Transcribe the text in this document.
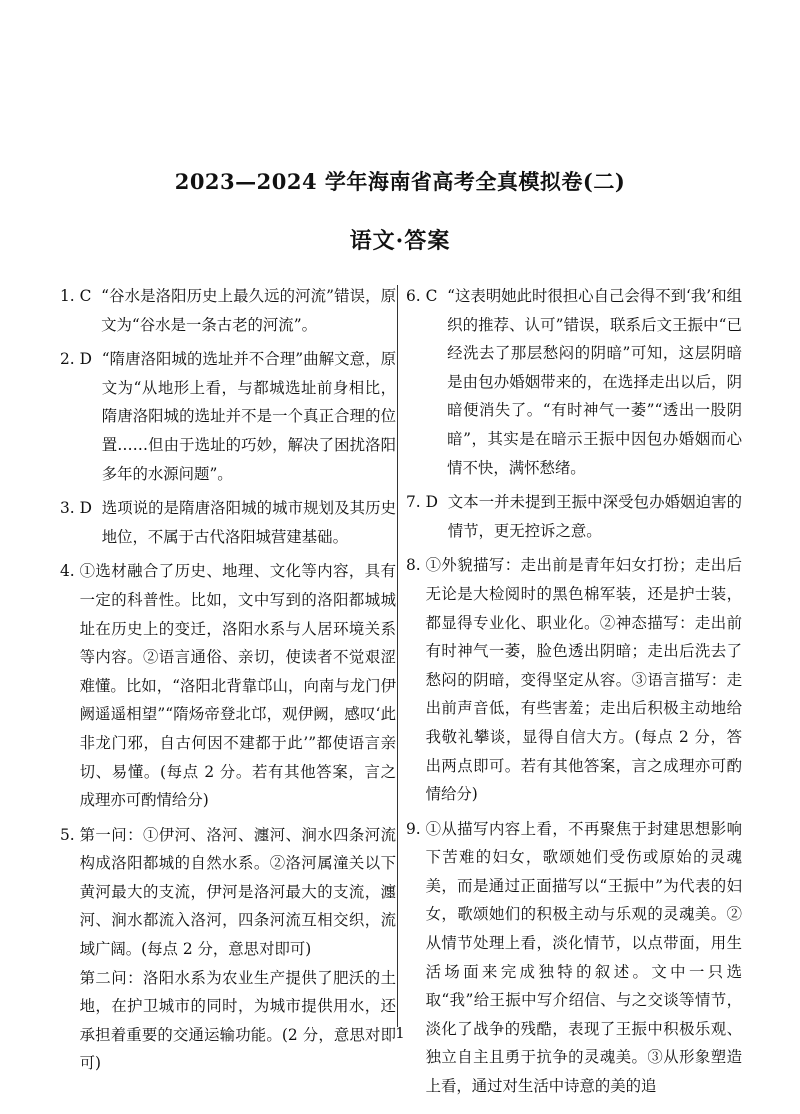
2023—2024 学年海南省高考全真模拟卷(二)
语文·答案
1. C “谷水是洛阳历史上最久远的河流”错误，原文为“谷水是一条古老的河流”。

2. D “隋唐洛阳城的选址并不合理”曲解文意，原文为“从地形上看，与都城选址前身相比，隋唐洛阳城的选址并不是一个真正合理的位置……但由于选址的巧妙，解决了困扰洛阳多年的水源问题”。

3. D 选项说的是隋唐洛阳城的城市规划及其历史地位，不属于古代洛阳城营建基础。

4. ①选材融合了历史、地理、文化等内容，具有一定的科普性。比如，文中写到的洛阳都城城址在历史上的变迁，洛阳水系与人居环境关系等内容。②语言通俗、亲切，使读者不觉艰涩难懂。比如，“洛阳北背靠邙山，向南与龙门伊阙遥遥相望”“隋炀帝登北邙，观伊阙，感叹‘此非龙门邪，自古何因不建都于此’”都使语言亲切、易懂。(每点 2 分。若有其他答案，言之成理亦可酌情给分)

5. 第一问：①伊河、洛河、瀍河、涧水四条河流构成洛阳都城的自然水系。②洛河属潼关以下黄河最大的支流，伊河是洛河最大的支流，瀍河、涧水都流入洛河，四条河流互相交织，流域广阔。(每点 2 分，意思对即可)

第二问：洛阳水系为农业生产提供了肥沃的土地，在护卫城市的同时，为城市提供用水，还承担着重要的交通运输功能。(2 分，意思对即可)

6. C “这表明她此时很担心自己会得不到‘我’和组织的推荐、认可”错误，联系后文王振中“已经洗去了那层愁闷的阴暗”可知，这层阴暗是由包办婚姻带来的，在选择走出以后，阴暗便消失了。“有时神气一萎”“透出一股阴暗”，其实是在暗示王振中因包办婚姻而心情不快，满怀愁绪。

7. D 文本一并未提到王振中深受包办婚姻迫害的情节，更无控诉之意。

8. ①外貌描写：走出前是青年妇女打扮；走出后无论是大检阅时的黑色棉军装，还是护士装，都显得专业化、职业化。②神态描写：走出前有时神气一萎，脸色透出阴暗；走出后洗去了愁闷的阴暗，变得坚定从容。③语言描写：走出前声音低，有些害羞；走出后积极主动地给我敬礼攀谈，显得自信大方。(每点 2 分，答出两点即可。若有其他答案，言之成理亦可酌情给分)

9. ①从描写内容上看，不再聚焦于封建思想影响下苦难的妇女，歌颂她们受伤或原始的灵魂美，而是通过正面描写以“王振中”为代表的妇女，歌颂她们的积极主动与乐观的灵魂美。②从情节处理上看，淡化情节，以点带面，用生活场面来完成独特的叙述。文中一只选取“我”给王振中写介绍信、与之交谈等情节，淡化了战争的残酷，表现了王振中积极乐观、独立自主且勇于抗争的灵魂美。③从形象塑造上看，通过对生活中诗意的美的追

1
